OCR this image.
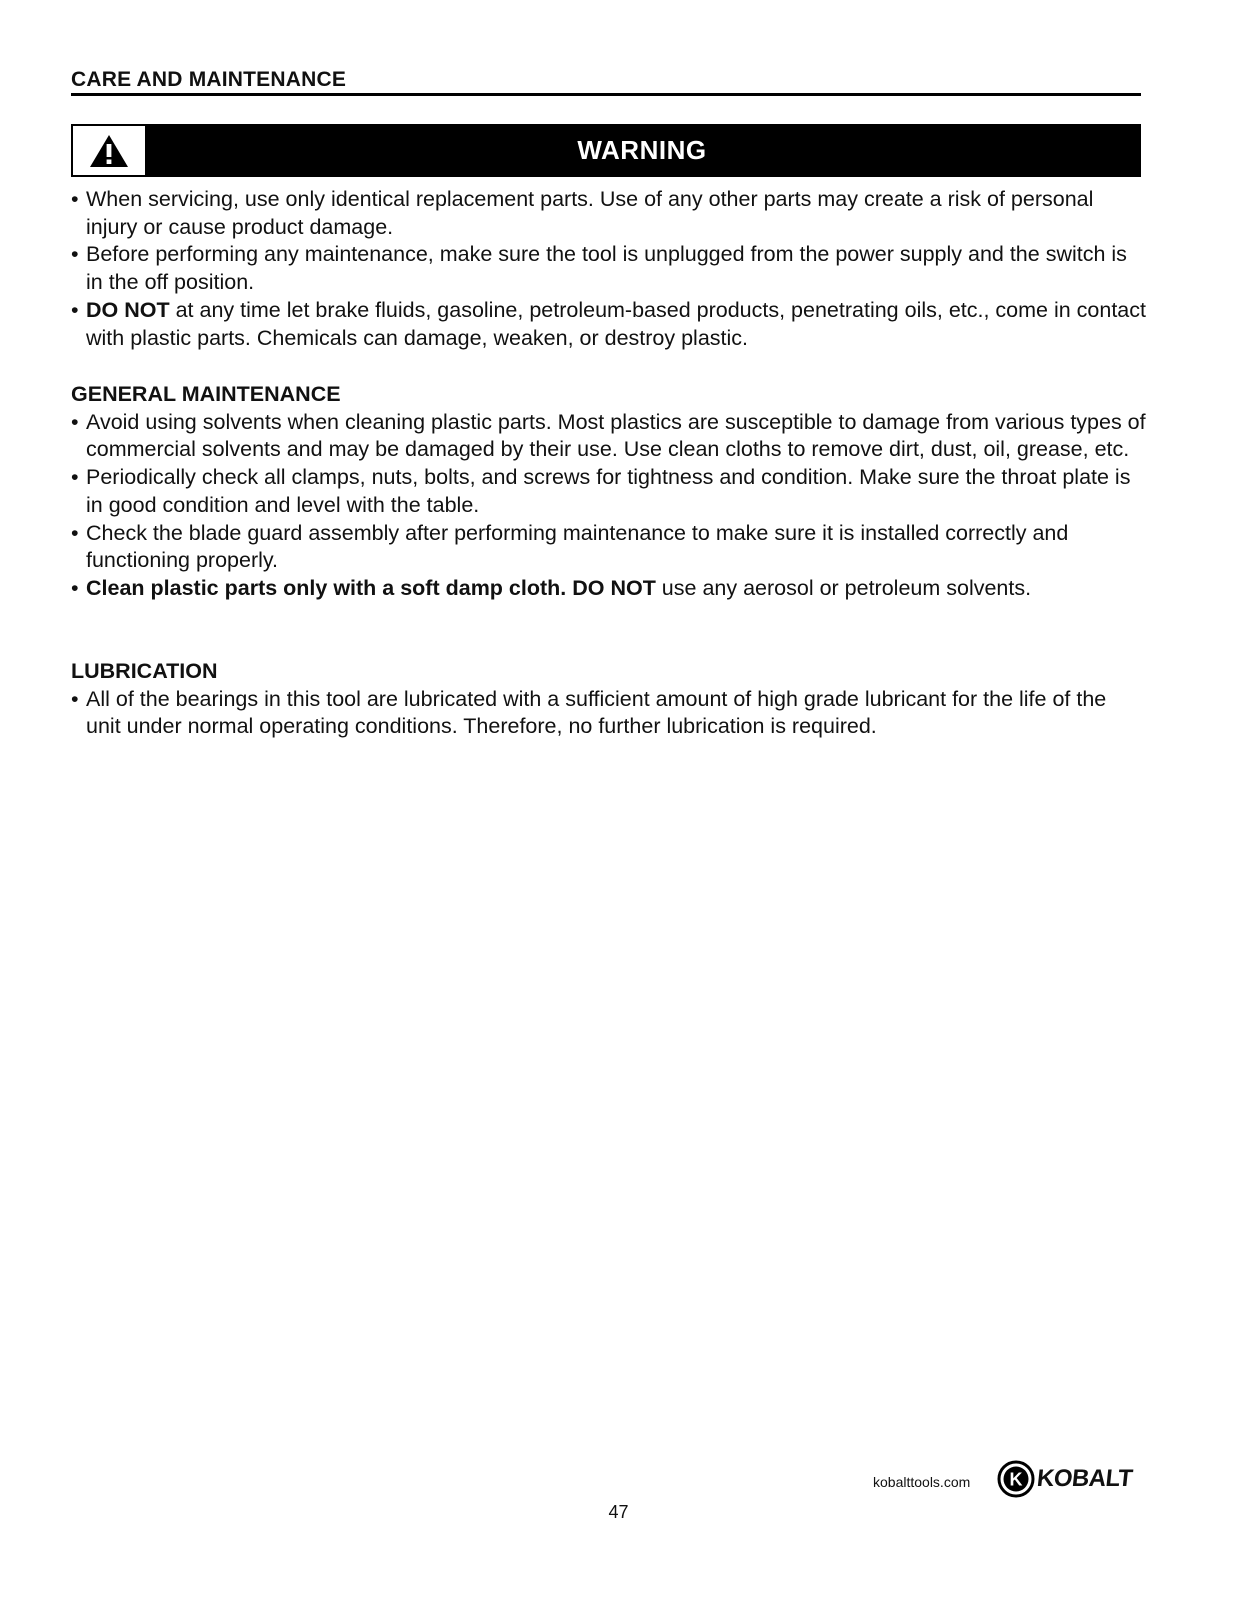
CARE AND MAINTENANCE
WARNING
• When servicing, use only identical replacement parts. Use of any other parts may create a risk of personal injury or cause product damage.
• Before performing any maintenance, make sure the tool is unplugged from the power supply and the switch is in the off position.
• DO NOT at any time let brake fluids, gasoline, petroleum-based products, penetrating oils, etc., come in contact with plastic parts. Chemicals can damage, weaken, or destroy plastic.
GENERAL MAINTENANCE
• Avoid using solvents when cleaning plastic parts. Most plastics are susceptible to damage from various types of commercial solvents and may be damaged by their use. Use clean cloths to remove dirt, dust, oil, grease, etc.
• Periodically check all clamps, nuts, bolts, and screws for tightness and condition. Make sure the throat plate is in good condition and level with the table.
• Check the blade guard assembly after performing maintenance to make sure it is installed correctly and functioning properly.
• Clean plastic parts only with a soft damp cloth. DO NOT use any aerosol or petroleum solvents.
LUBRICATION
• All of the bearings in this tool are lubricated with a sufficient amount of high grade lubricant for the life of the unit under normal operating conditions. Therefore, no further lubrication is required.
kobalttools.com K KOBALT
47
